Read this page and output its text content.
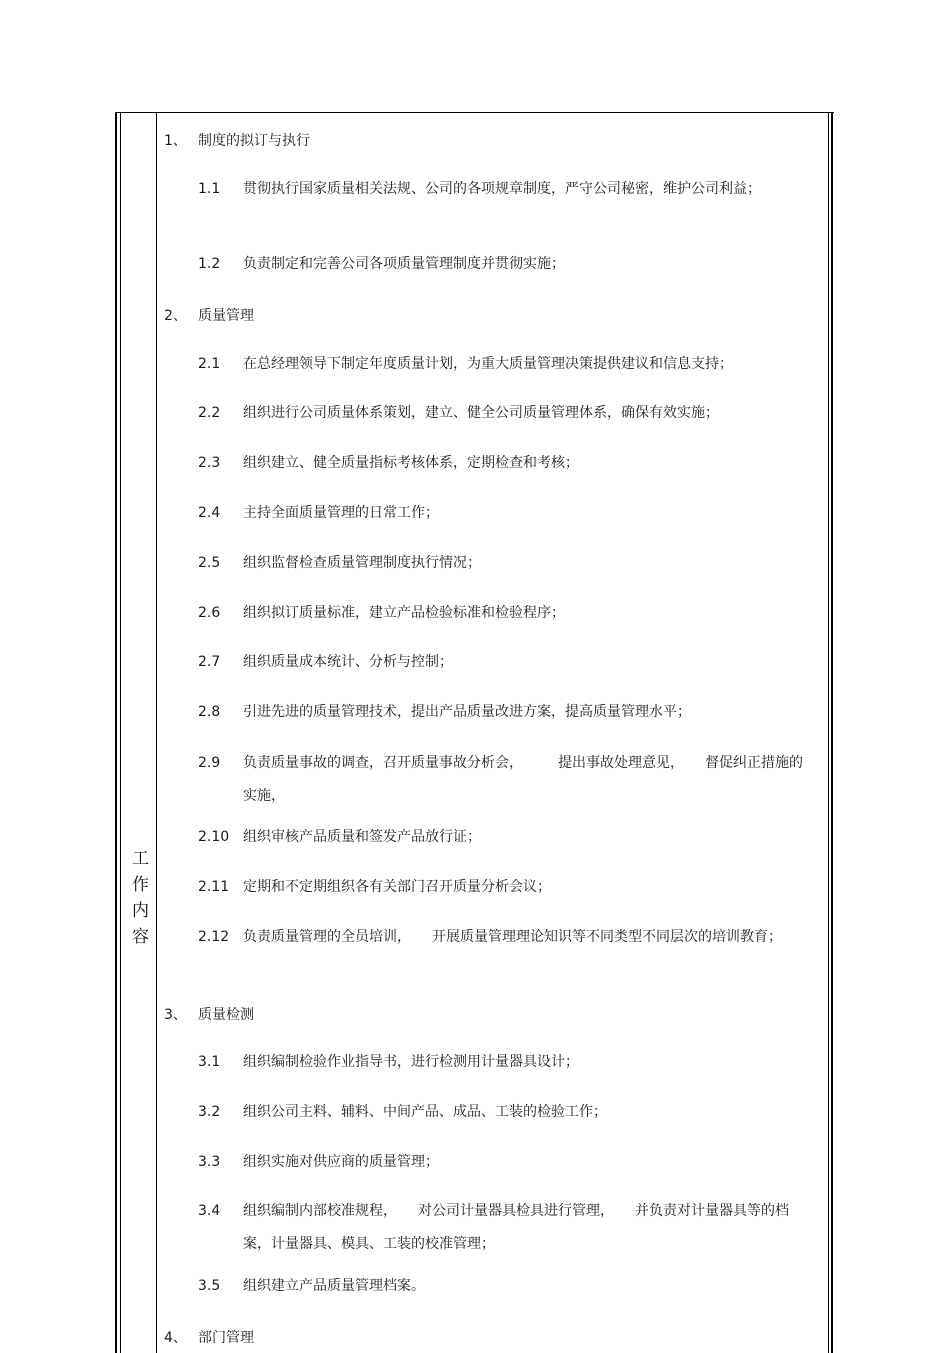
工
作
内
容
1、 制度的拟订与执行
1.1	贯彻执行国家质量相关法规、公司的各项规章制度，严守公司秘密，维护公司利益；
1.2	负责制定和完善公司各项质量管理制度并贯彻实施；
2、 质量管理
2.1	在总经理领导下制定年度质量计划，为重大质量管理决策提供建议和信息支持；
2.2	组织进行公司质量体系策划，建立、健全公司质量管理体系，确保有效实施；
2.3	组织建立、健全质量指标考核体系，定期检查和考核；
2.4	主持全面质量管理的日常工作；
2.5	组织监督检查质量管理制度执行情况；
2.6	组织拟订质量标准，建立产品检验标准和检验程序；
2.7	组织质量成本统计、分析与控制；
2.8	引进先进的质量管理技术，提出产品质量改进方案，提高质量管理水平；
2.9	负责质量事故的调查，召开质量事故分析会，　　　提出事故处理意见，　　督促纠正措施的实施，
2.10 组织审核产品质量和签发产品放行证；
2.11 定期和不定期组织各有关部门召开质量分析会议；
2.12 负责质量管理的全员培训，　　开展质量管理理论知识等不同类型不同层次的培训教育；
3、 质量检测
3.1	组织编制检验作业指导书，进行检测用计量器具设计；
3.2	组织公司主料、辅料、中间产品、成品、工装的检验工作；
3.3	组织实施对供应商的质量管理；
3.4	组织编制内部校准规程，　　对公司计量器具检具进行管理，　　并负责对计量器具等的档案，计量器具、模具、工装的校准管理；
3.5	组织建立产品质量管理档案。
4、 部门管理
